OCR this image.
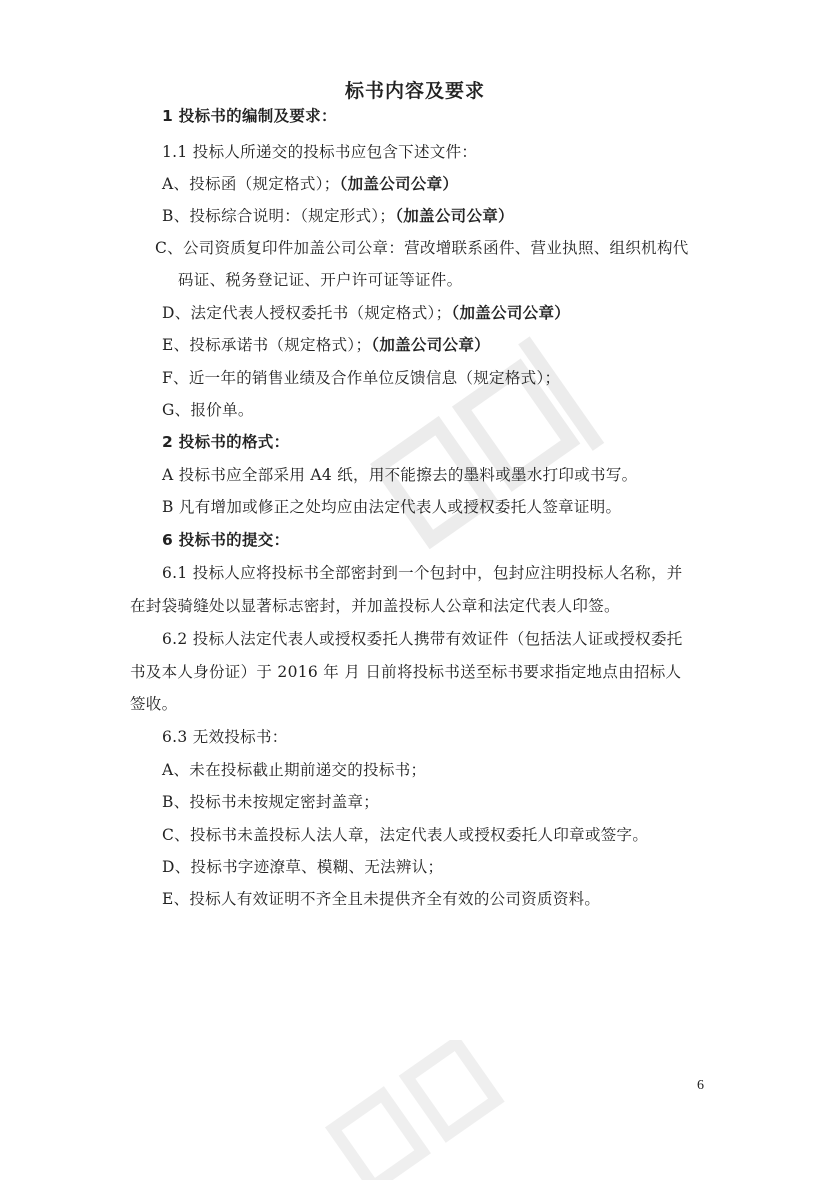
标书内容及要求
1 投标书的编制及要求：
1.1 投标人所递交的投标书应包含下述文件：
A、投标函（规定格式）；（加盖公司公章）
B、投标综合说明：（规定形式）；（加盖公司公章）
C、公司资质复印件加盖公司公章：营改增联系函件、营业执照、组织机构代
码证、税务登记证、开户许可证等证件。
D、法定代表人授权委托书（规定格式）；（加盖公司公章）
E、投标承诺书（规定格式）；（加盖公司公章）
F、近一年的销售业绩及合作单位反馈信息（规定格式）；
G、报价单。
2 投标书的格式：
A 投标书应全部采用 A4 纸，用不能擦去的墨料或墨水打印或书写。
B 凡有增加或修正之处均应由法定代表人或授权委托人签章证明。
6 投标书的提交：
6.1 投标人应将投标书全部密封到一个包封中，包封应注明投标人名称，并
在封袋骑缝处以显著标志密封，并加盖投标人公章和法定代表人印签。
6.2 投标人法定代表人或授权委托人携带有效证件（包括法人证或授权委托
书及本人身份证）于 2016 年 月 日前将投标书送至标书要求指定地点由招标人
签收。
6.3 无效投标书：
A、未在投标截止期前递交的投标书；
B、投标书未按规定密封盖章；
C、投标书未盖投标人法人章，法定代表人或授权委托人印章或签字。
D、投标书字迹潦草、模糊、无法辨认；
E、投标人有效证明不齐全且未提供齐全有效的公司资质资料。
6
